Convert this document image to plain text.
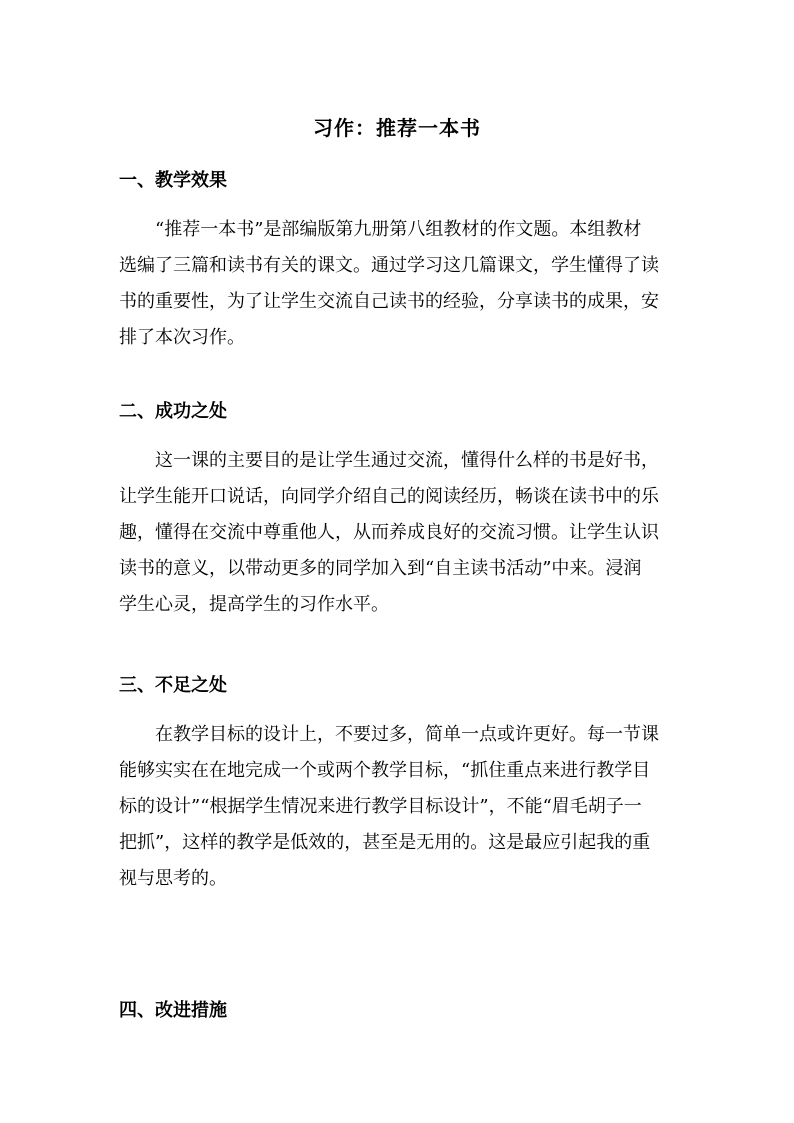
习作：推荐一本书
一、教学效果
“推荐一本书”是部编版第九册第八组教材的作文题。本组教材
选编了三篇和读书有关的课文。通过学习这几篇课文，学生懂得了读
书的重要性，为了让学生交流自己读书的经验，分享读书的成果，安
排了本次习作。
二、成功之处
这一课的主要目的是让学生通过交流，懂得什么样的书是好书，
让学生能开口说话，向同学介绍自己的阅读经历，畅谈在读书中的乐
趣，懂得在交流中尊重他人，从而养成良好的交流习惯。让学生认识
读书的意义，以带动更多的同学加入到“自主读书活动”中来。浸润
学生心灵，提高学生的习作水平。
三、不足之处
在教学目标的设计上，不要过多，简单一点或许更好。每一节课
能够实实在在地完成一个或两个教学目标，“抓住重点来进行教学目
标的设计”“根据学生情况来进行教学目标设计”，不能“眉毛胡子一
把抓”，这样的教学是低效的，甚至是无用的。这是最应引起我的重
视与思考的。
四、改进措施
